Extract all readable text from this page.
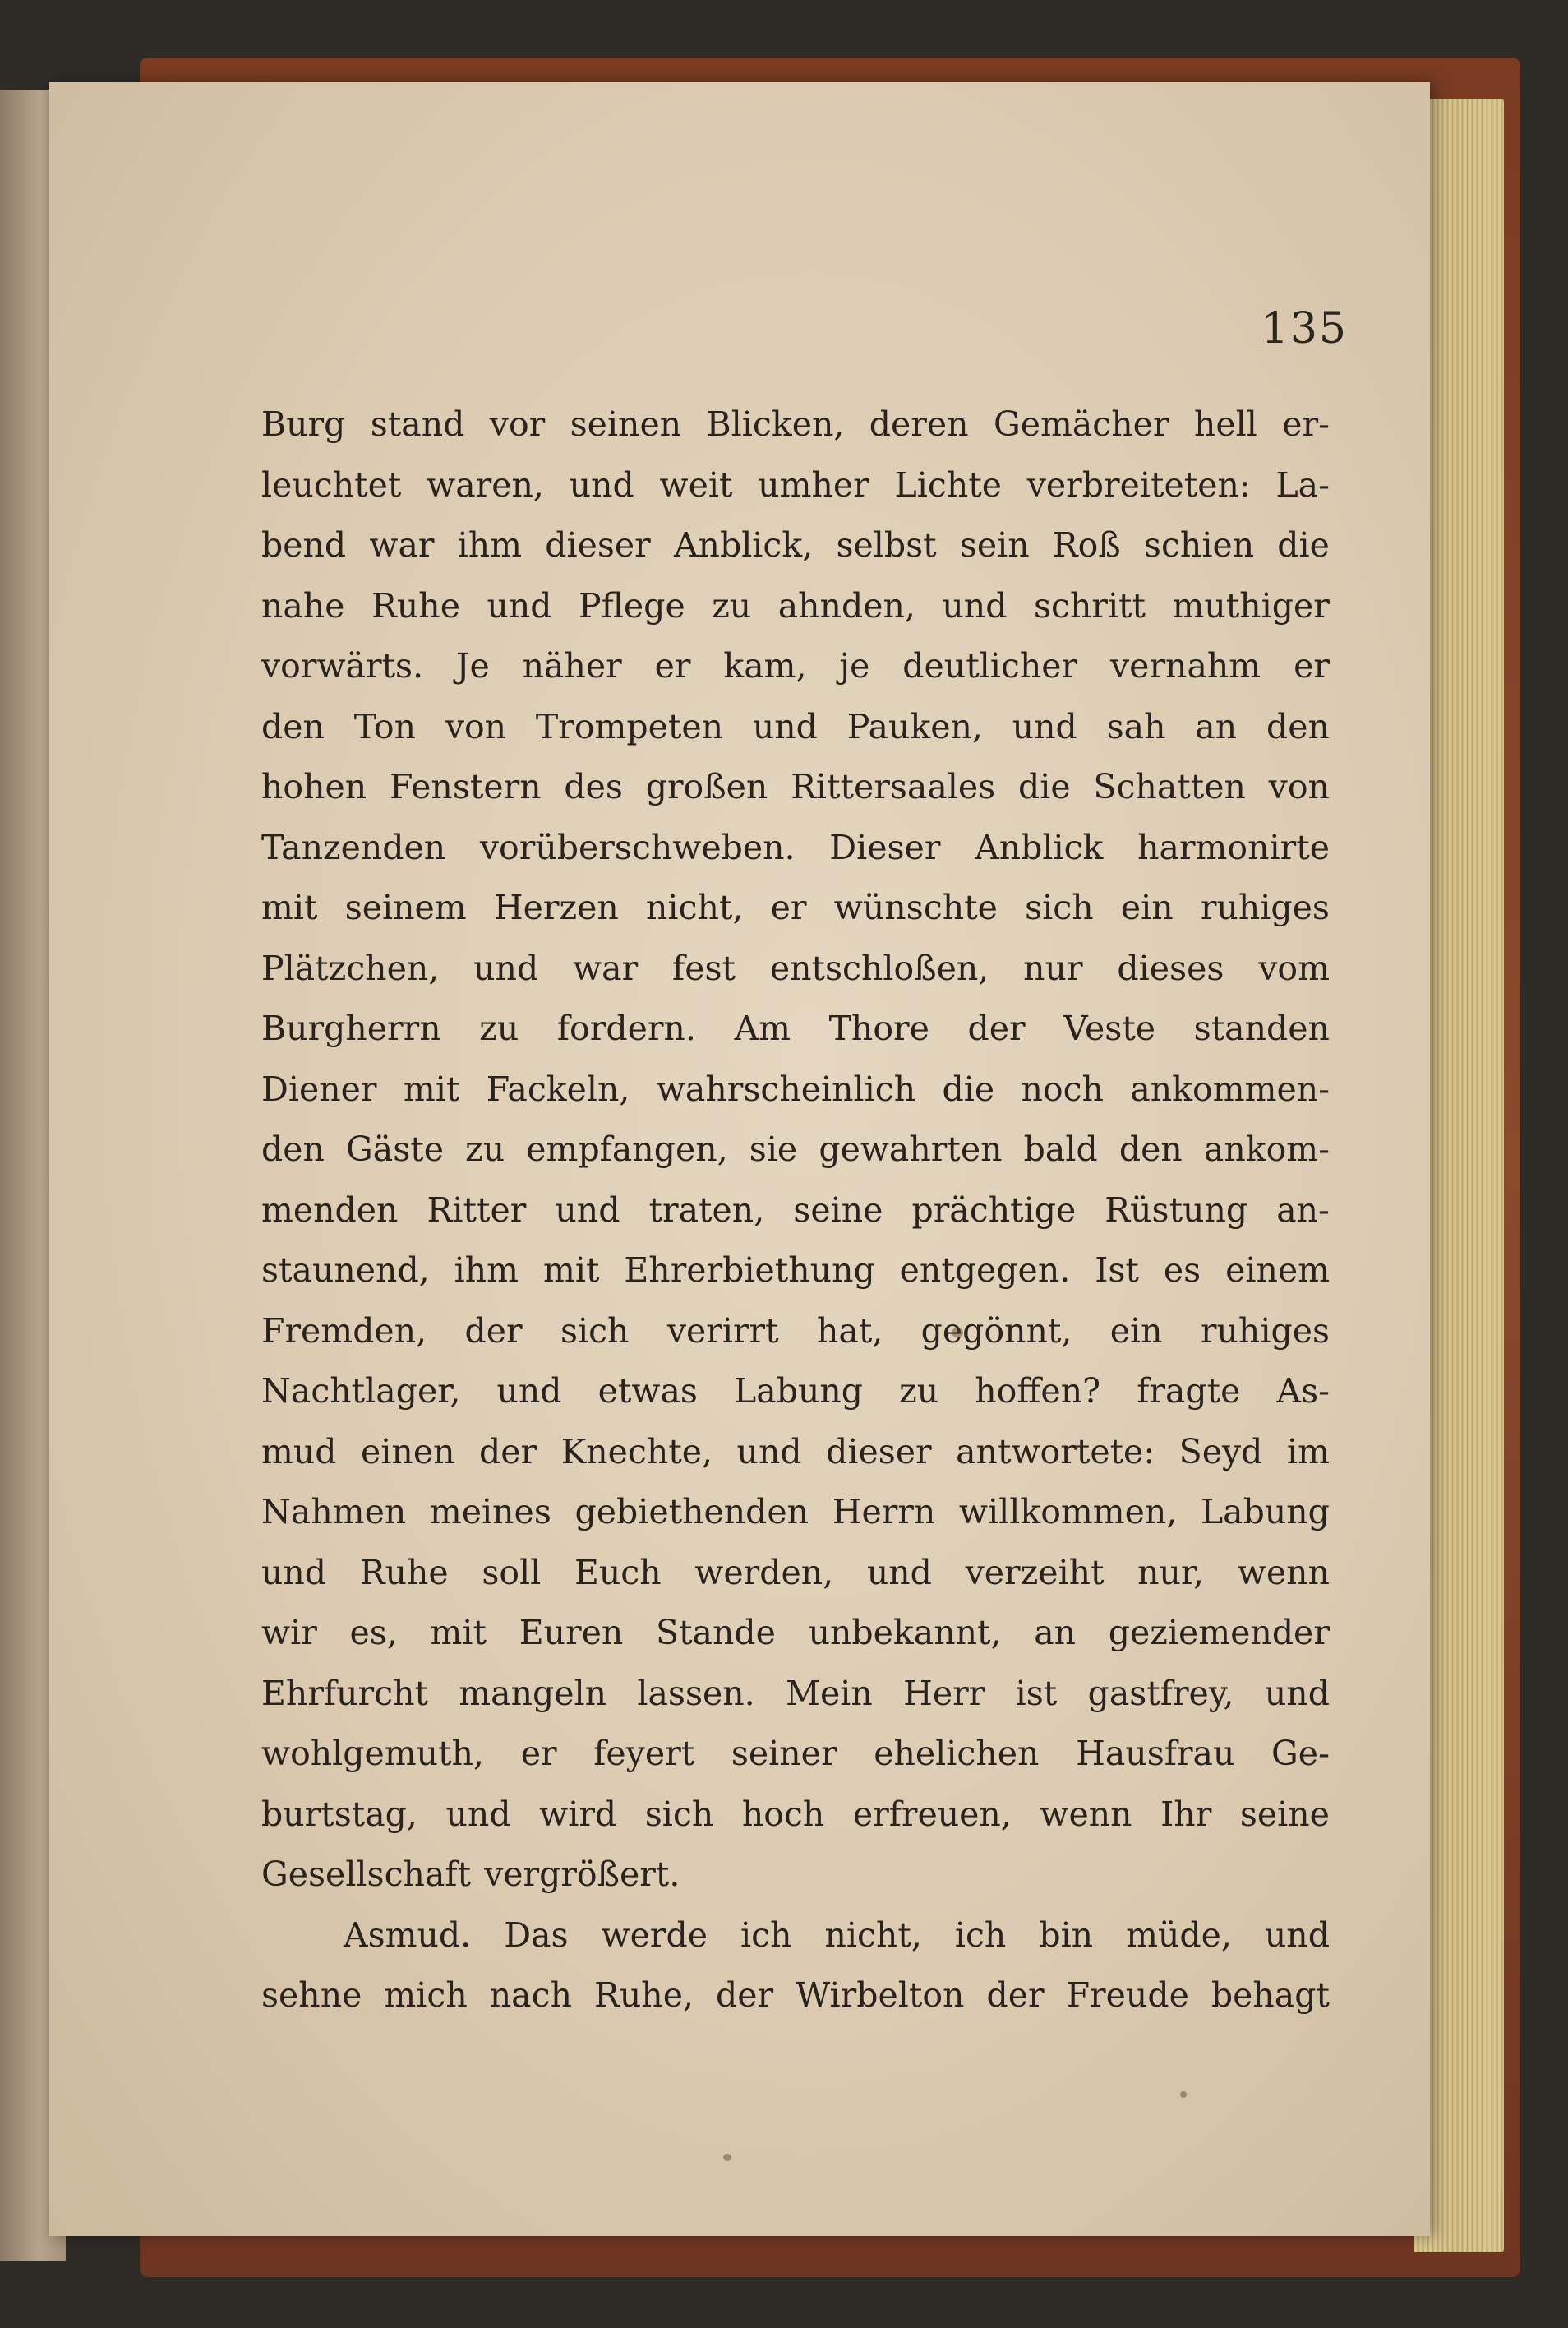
135
Burg stand vor seinen Blicken, deren Gemächer hell er-
leuchtet waren, und weit umher Lichte verbreiteten: La-
bend war ihm dieser Anblick, selbst sein Roß schien die
nahe Ruhe und Pflege zu ahnden, und schritt muthiger
vorwärts. Je näher er kam, je deutlicher vernahm er
den Ton von Trompeten und Pauken, und sah an den
hohen Fenstern des großen Rittersaales die Schatten von
Tanzenden vorüberschweben. Dieser Anblick harmonirte
mit seinem Herzen nicht, er wünschte sich ein ruhiges
Plätzchen, und war fest entschloßen, nur dieses vom
Burgherrn zu fordern. Am Thore der Veste standen
Diener mit Fackeln, wahrscheinlich die noch ankommen-
den Gäste zu empfangen, sie gewahrten bald den ankom-
menden Ritter und traten, seine prächtige Rüstung an-
staunend, ihm mit Ehrerbiethung entgegen. Ist es einem
Fremden, der sich verirrt hat, gegönnt, ein ruhiges
Nachtlager, und etwas Labung zu hoffen? fragte As-
mud einen der Knechte, und dieser antwortete: Seyd im
Nahmen meines gebiethenden Herrn willkommen, Labung
und Ruhe soll Euch werden, und verzeiht nur, wenn
wir es, mit Euren Stande unbekannt, an geziemender
Ehrfurcht mangeln lassen. Mein Herr ist gastfrey, und
wohlgemuth, er feyert seiner ehelichen Hausfrau Ge-
burtstag, und wird sich hoch erfreuen, wenn Ihr seine
Gesellschaft vergrößert.
Asmud. Das werde ich nicht, ich bin müde, und
sehne mich nach Ruhe, der Wirbelton der Freude behagt
